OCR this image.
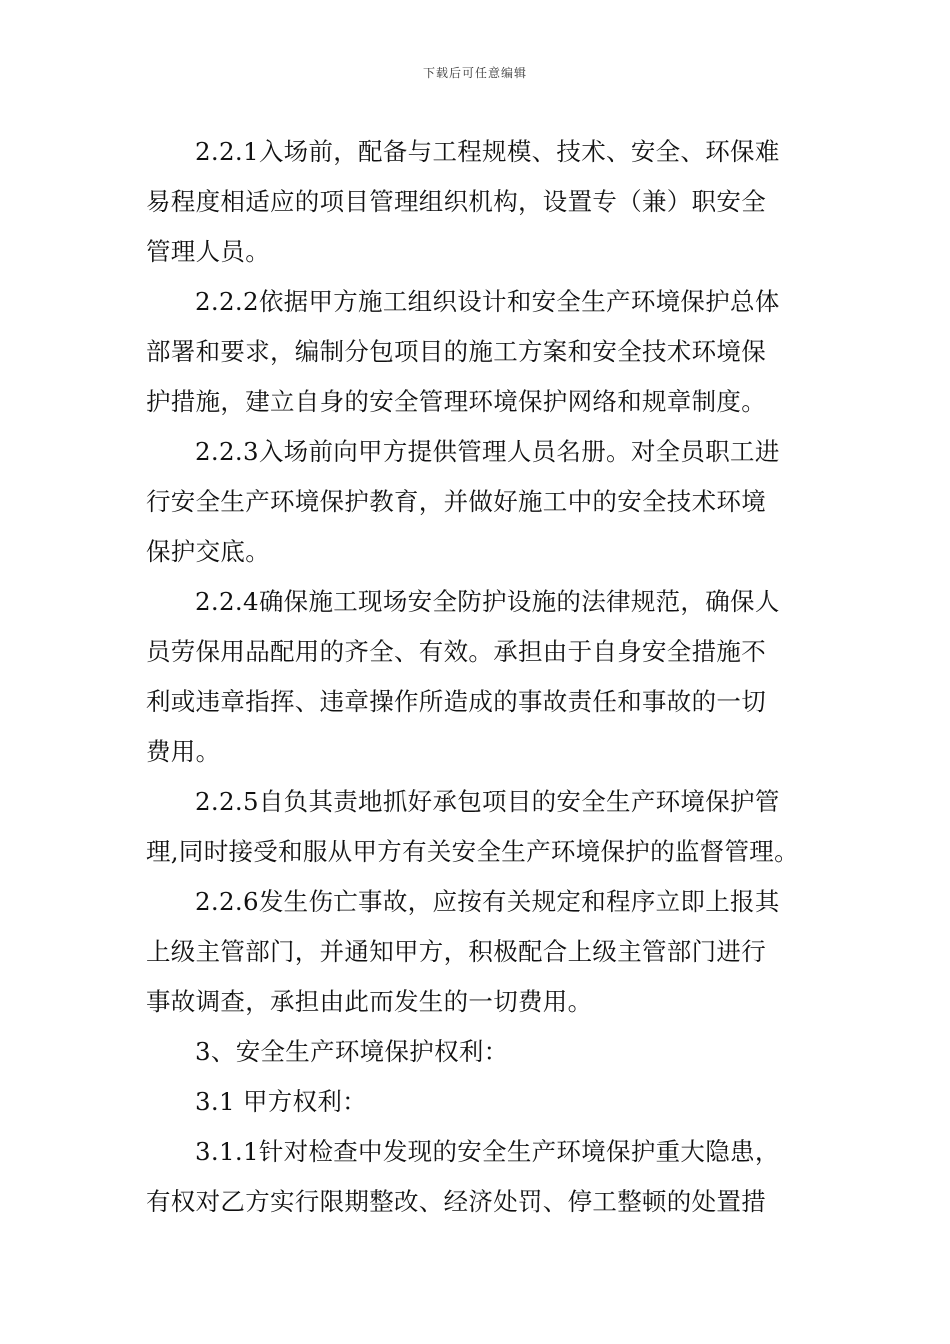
下载后可任意编辑

2.2.1入场前，配备与工程规模、技术、安全、环保难
易程度相适应的项目管理组织机构，设置专（兼）职安全
管理人员。

2.2.2依据甲方施工组织设计和安全生产环境保护总体
部署和要求，编制分包项目的施工方案和安全技术环境保
护措施，建立自身的安全管理环境保护网络和规章制度。

2.2.3入场前向甲方提供管理人员名册。对全员职工进
行安全生产环境保护教育，并做好施工中的安全技术环境
保护交底。

2.2.4确保施工现场安全防护设施的法律规范，确保人
员劳保用品配用的齐全、有效。承担由于自身安全措施不
利或违章指挥、违章操作所造成的事故责任和事故的一切
费用。

2.2.5自负其责地抓好承包项目的安全生产环境保护管
理,同时接受和服从甲方有关安全生产环境保护的监督管理。

2.2.6发生伤亡事故，应按有关规定和程序立即上报其
上级主管部门，并通知甲方，积极配合上级主管部门进行
事故调查，承担由此而发生的一切费用。

3、安全生产环境保护权利：

3.1 甲方权利：

3.1.1针对检查中发现的安全生产环境保护重大隐患，
有权对乙方实行限期整改、经济处罚、停工整顿的处置措
